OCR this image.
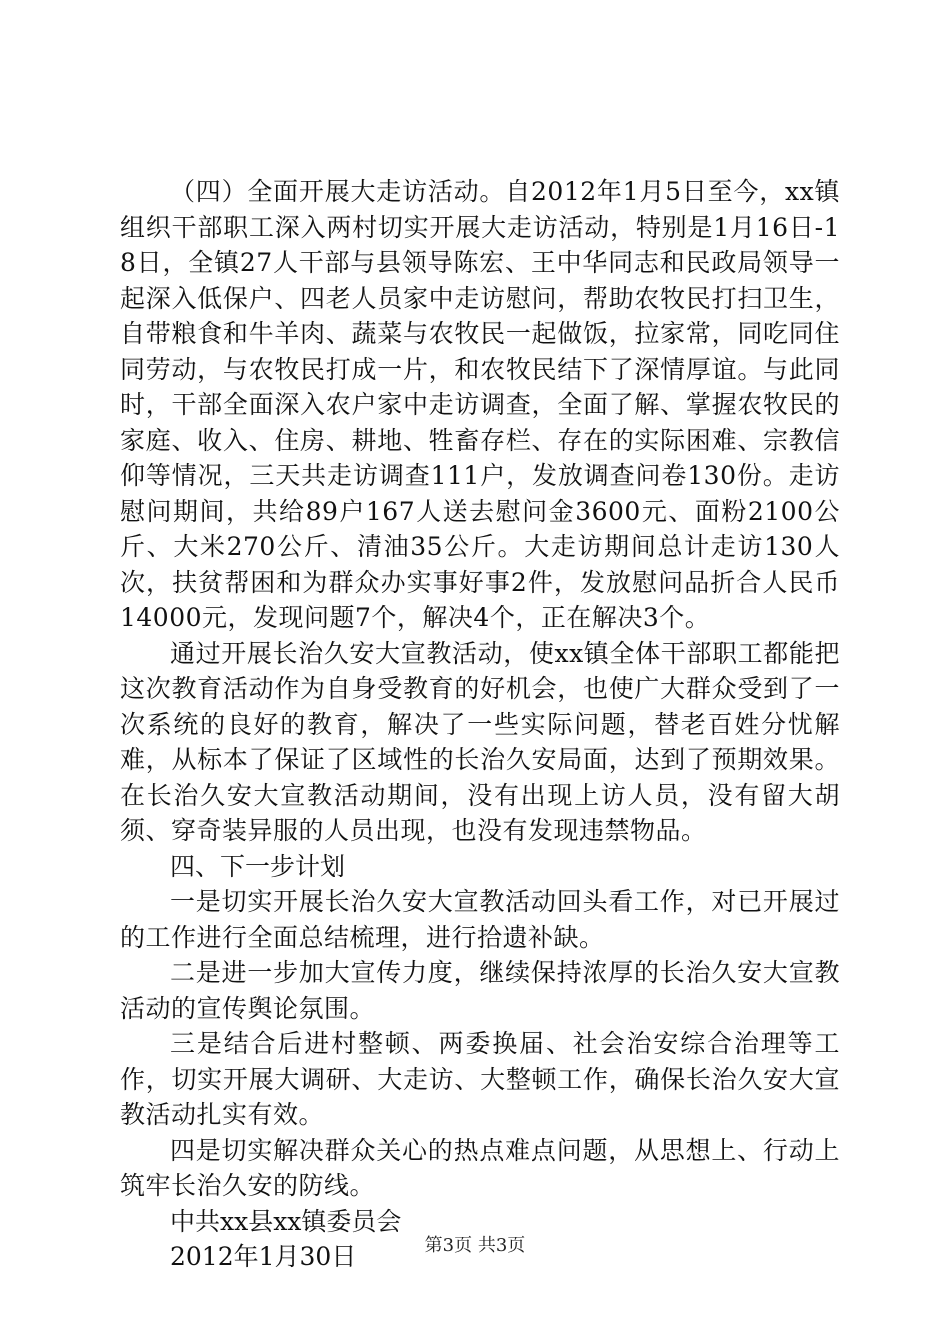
（四）全面开展大走访活动。自2012年1月5日至今，xx镇组织干部职工深入两村切实开展大走访活动，特别是1月16日-18日，全镇27人干部与县领导陈宏、王中华同志和民政局领导一起深入低保户、四老人员家中走访慰问，帮助农牧民打扫卫生，自带粮食和牛羊肉、蔬菜与农牧民一起做饭，拉家常，同吃同住同劳动，与农牧民打成一片，和农牧民结下了深情厚谊。与此同时，干部全面深入农户家中走访调查，全面了解、掌握农牧民的家庭、收入、住房、耕地、牲畜存栏、存在的实际困难、宗教信仰等情况，三天共走访调查111户，发放调查问卷130份。走访慰问期间，共给89户167人送去慰问金3600元、面粉2100公斤、大米270公斤、清油35公斤。大走访期间总计走访130人次，扶贫帮困和为群众办实事好事2件，发放慰问品折合人民币14000元，发现问题7个，解决4个，正在解决3个。

通过开展长治久安大宣教活动，使xx镇全体干部职工都能把这次教育活动作为自身受教育的好机会，也使广大群众受到了一次系统的良好的教育，解决了一些实际问题，替老百姓分忧解难，从标本了保证了区域性的长治久安局面，达到了预期效果。在长治久安大宣教活动期间，没有出现上访人员，没有留大胡须、穿奇装异服的人员出现，也没有发现违禁物品。

四、下一步计划

一是切实开展长治久安大宣教活动回头看工作，对已开展过的工作进行全面总结梳理，进行拾遗补缺。

二是进一步加大宣传力度，继续保持浓厚的长治久安大宣教活动的宣传舆论氛围。

三是结合后进村整顿、两委换届、社会治安综合治理等工作，切实开展大调研、大走访、大整顿工作，确保长治久安大宣教活动扎实有效。

四是切实解决群众关心的热点难点问题，从思想上、行动上筑牢长治久安的防线。

中共xx县xx镇委员会

2012年1月30日	第3页 共3页
